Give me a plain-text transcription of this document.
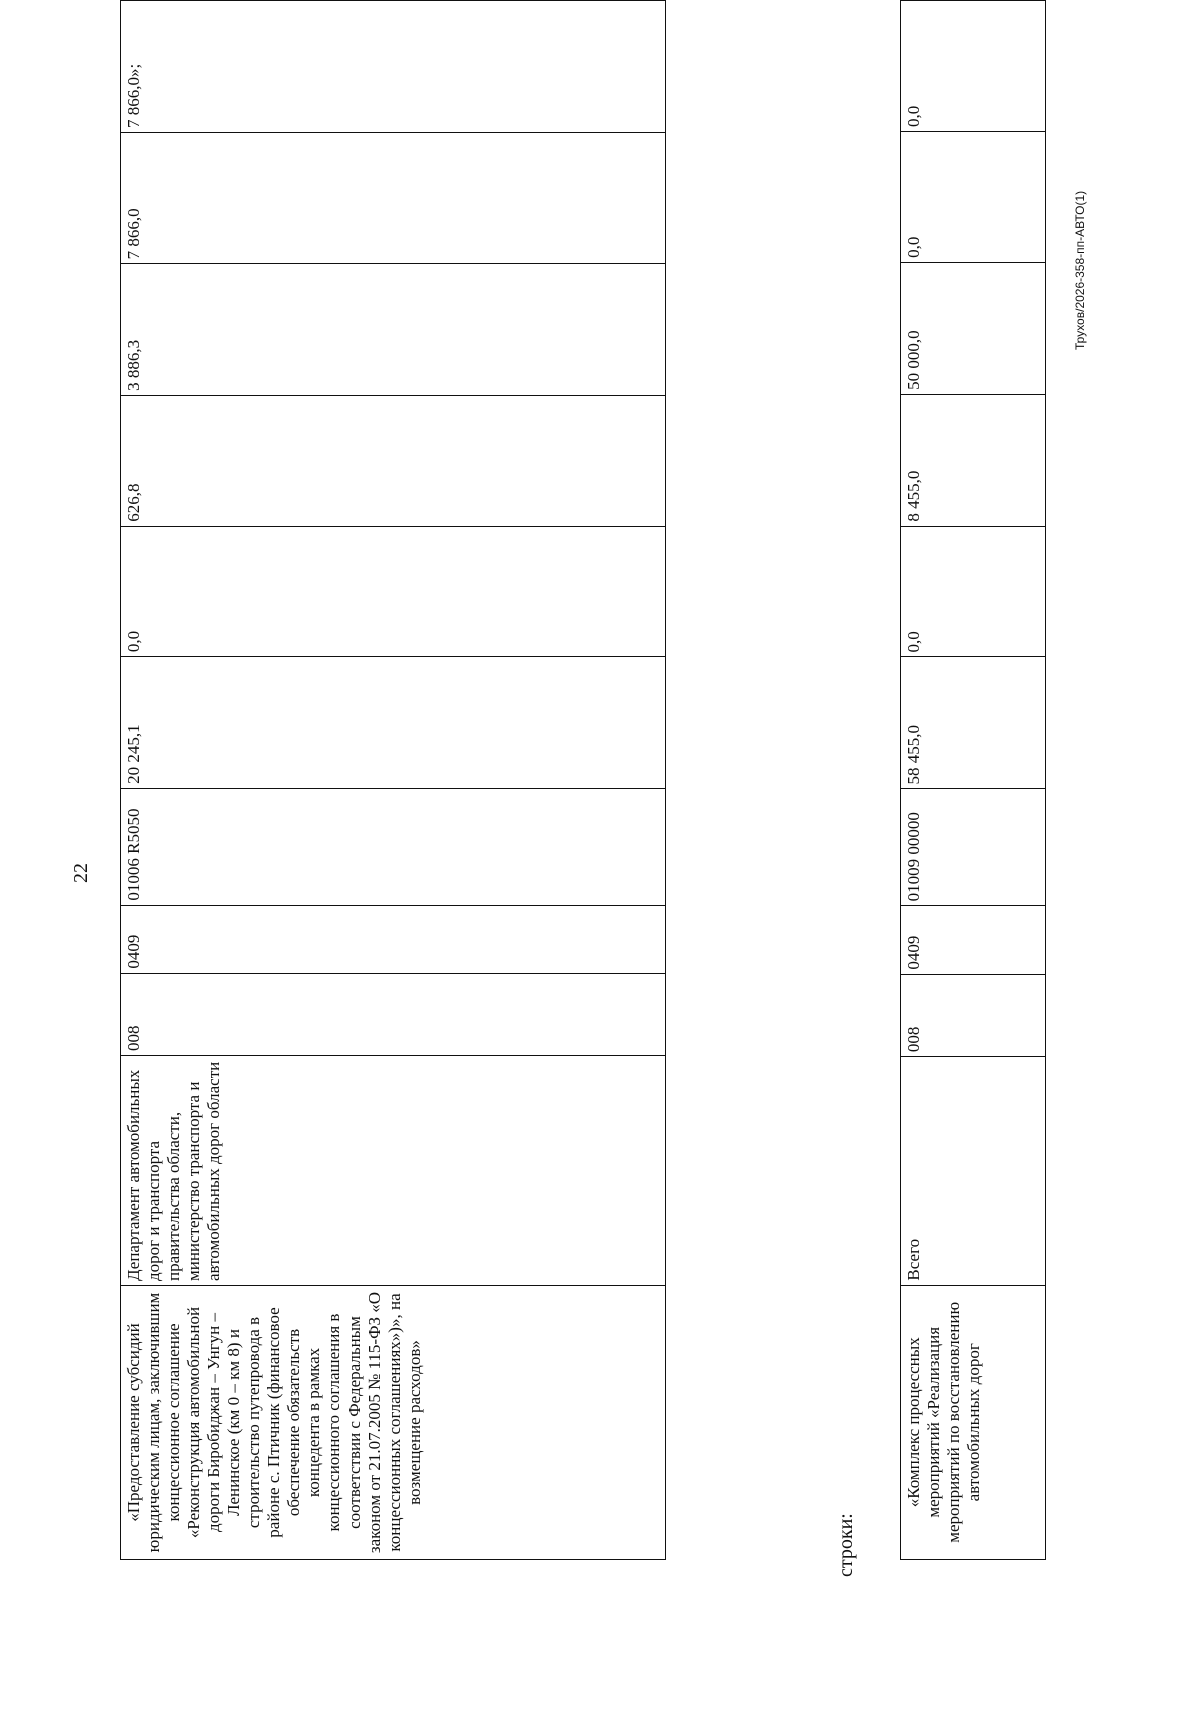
22
«Предоставление субсидий юридическим лицам, заключившим концессионное соглашение «Реконструкция автомобильной дороги Биробиджан – Унгун – Ленинское (км 0 – км 8) и строительство путепровода в районе с. Птичник (финансовое обеспечение обязательств концедента в рамках концессионного соглашения в соответствии с Федеральным законом от 21.07.2005 № 115-ФЗ «О концессионных соглашениях»)», на возмещение расходов»	Департамент автомобильных дорог и транспорта правительства области, министерство транспорта и автомобильных дорог области	008	0409	01006 R5050	20 245,1	0,0	626,8	3 886,3	7 866,0	7 866,0»;
строки:
«Комплекс процессных мероприятий «Реализация мероприятий по восстановлению автомобильных дорог	Всего	008	0409	01009 00000	58 455,0	0,0	8 455,0	50 000,0	0,0	0,0
Трухов/2026-358-пп-АВТО(1)
